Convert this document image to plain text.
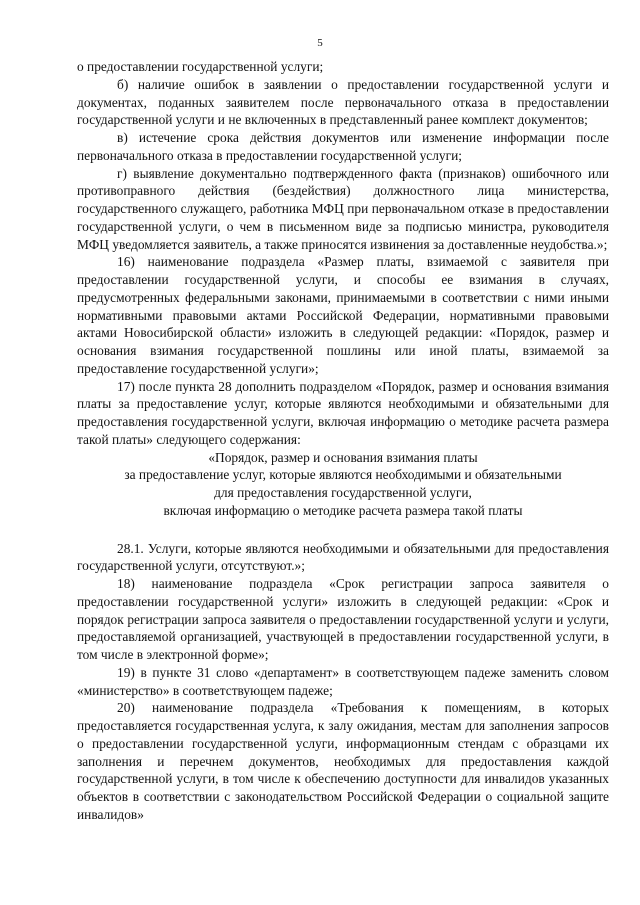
5

о предоставлении государственной услуги;

б) наличие ошибок в заявлении о предоставлении государственной услуги и документах, поданных заявителем после первоначального отказа в предоставлении государственной услуги и не включенных в представленный ранее комплект документов;

в) истечение срока действия документов или изменение информации после первоначального отказа в предоставлении государственной услуги;

г) выявление документально подтвержденного факта (признаков) ошибочного или противоправного действия (бездействия) должностного лица министерства, государственного служащего, работника МФЦ при первоначальном отказе в предоставлении государственной услуги, о чем в письменном виде за подписью министра, руководителя МФЦ уведомляется заявитель, а также приносятся извинения за доставленные неудобства.»;

16) наименование подраздела «Размер платы, взимаемой с заявителя при предоставлении государственной услуги, и способы ее взимания в случаях, предусмотренных федеральными законами, принимаемыми в соответствии с ними иными нормативными правовыми актами Российской Федерации, нормативными правовыми актами Новосибирской области» изложить в следующей редакции: «Порядок, размер и основания взимания государственной пошлины или иной платы, взимаемой за предоставление государственной услуги»;

17) после пункта 28 дополнить подразделом «Порядок, размер и основания взимания платы за предоставление услуг, которые являются необходимыми и обязательными для предоставления государственной услуги, включая информацию о методике расчета размера такой платы» следующего содержания:

«Порядок, размер и основания взимания платы
за предоставление услуг, которые являются необходимыми и обязательными
для предоставления государственной услуги,
включая информацию о методике расчета размера такой платы

28.1. Услуги, которые являются необходимыми и обязательными для предоставления государственной услуги, отсутствуют.»;

18) наименование подраздела «Срок регистрации запроса заявителя о предоставлении государственной услуги» изложить в следующей редакции: «Срок и порядок регистрации запроса заявителя о предоставлении государственной услуги и услуги, предоставляемой организацией, участвующей в предоставлении государственной услуги, в том числе в электронной форме»;

19) в пункте 31 слово «департамент» в соответствующем падеже заменить словом «министерство» в соответствующем падеже;

20) наименование подраздела «Требования к помещениям, в которых предоставляется государственная услуга, к залу ожидания, местам для заполнения запросов о предоставлении государственной услуги, информационным стендам с образцами их заполнения и перечнем документов, необходимых для предоставления каждой государственной услуги, в том числе к обеспечению доступности для инвалидов указанных объектов в соответствии с законодательством Российской Федерации о социальной защите инвалидов»
